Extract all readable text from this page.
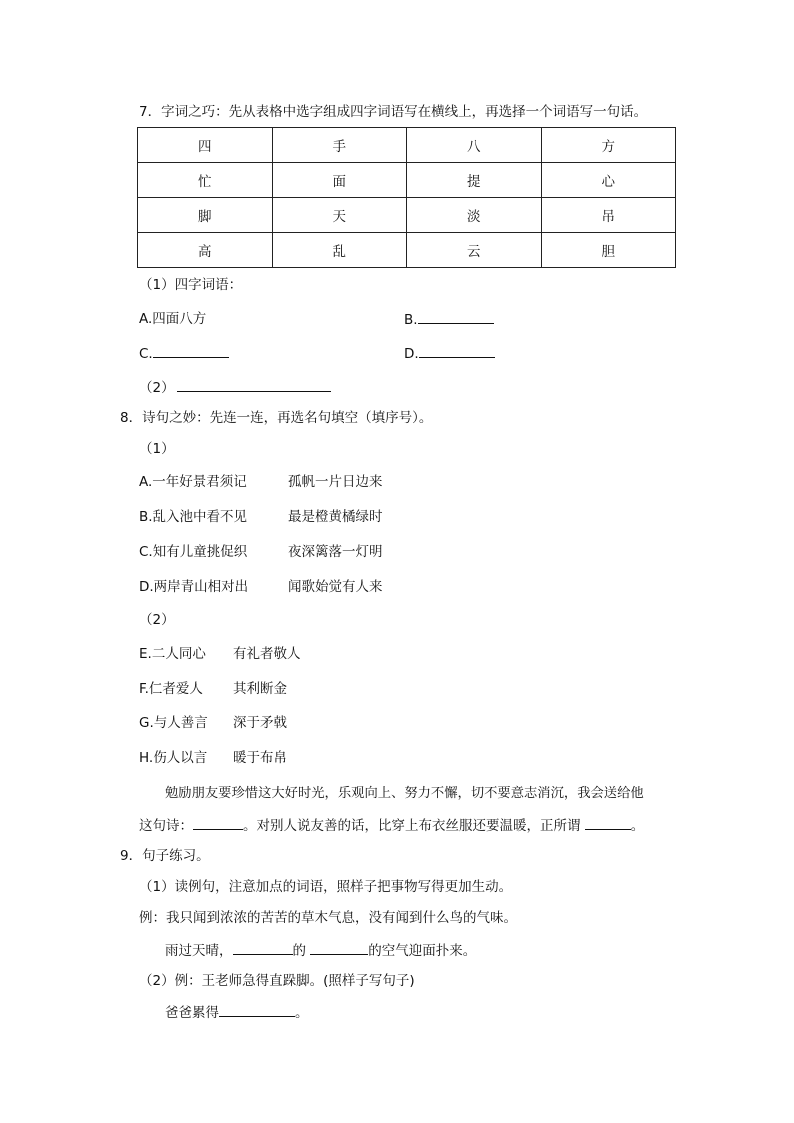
7．字词之巧：先从表格中选字组成四字词语写在横线上，再选择一个词语写一句话。
四	手	八	方
忙	面	提	心
脚	天	淡	吊
高	乱	云	胆
（1）四字词语：
A.四面八方	B.
C.	D.
（2）
8．诗句之妙：先连一连，再选名句填空（填序号）。
（1）
A.一年好景君须记	孤帆一片日边来
B.乱入池中看不见	最是橙黄橘绿时
C.知有儿童挑促织	夜深篱落一灯明
D.两岸青山相对出	闻歌始觉有人来
（2）
E.二人同心 有礼者敬人
F.仁者爱人 其利断金
G.与人善言 深于矛戟
H.伤人以言 暖于布帛
勉励朋友要珍惜这大好时光，乐观向上、努力不懈，切不要意志消沉，我会送给他
这句诗：	。对别人说友善的话，比穿上布衣丝服还要温暖，正所谓	。
9．句子练习。
（1）读例句，注意加点的词语，照样子把事物写得更加生动。
例：我只闻到浓浓的苦苦的草木气息，没有闻到什么鸟的气味。
雨过天晴，	的	的空气迎面扑来。
（2）例：王老师急得直跺脚。(照样子写句子)
爸爸累得	。
